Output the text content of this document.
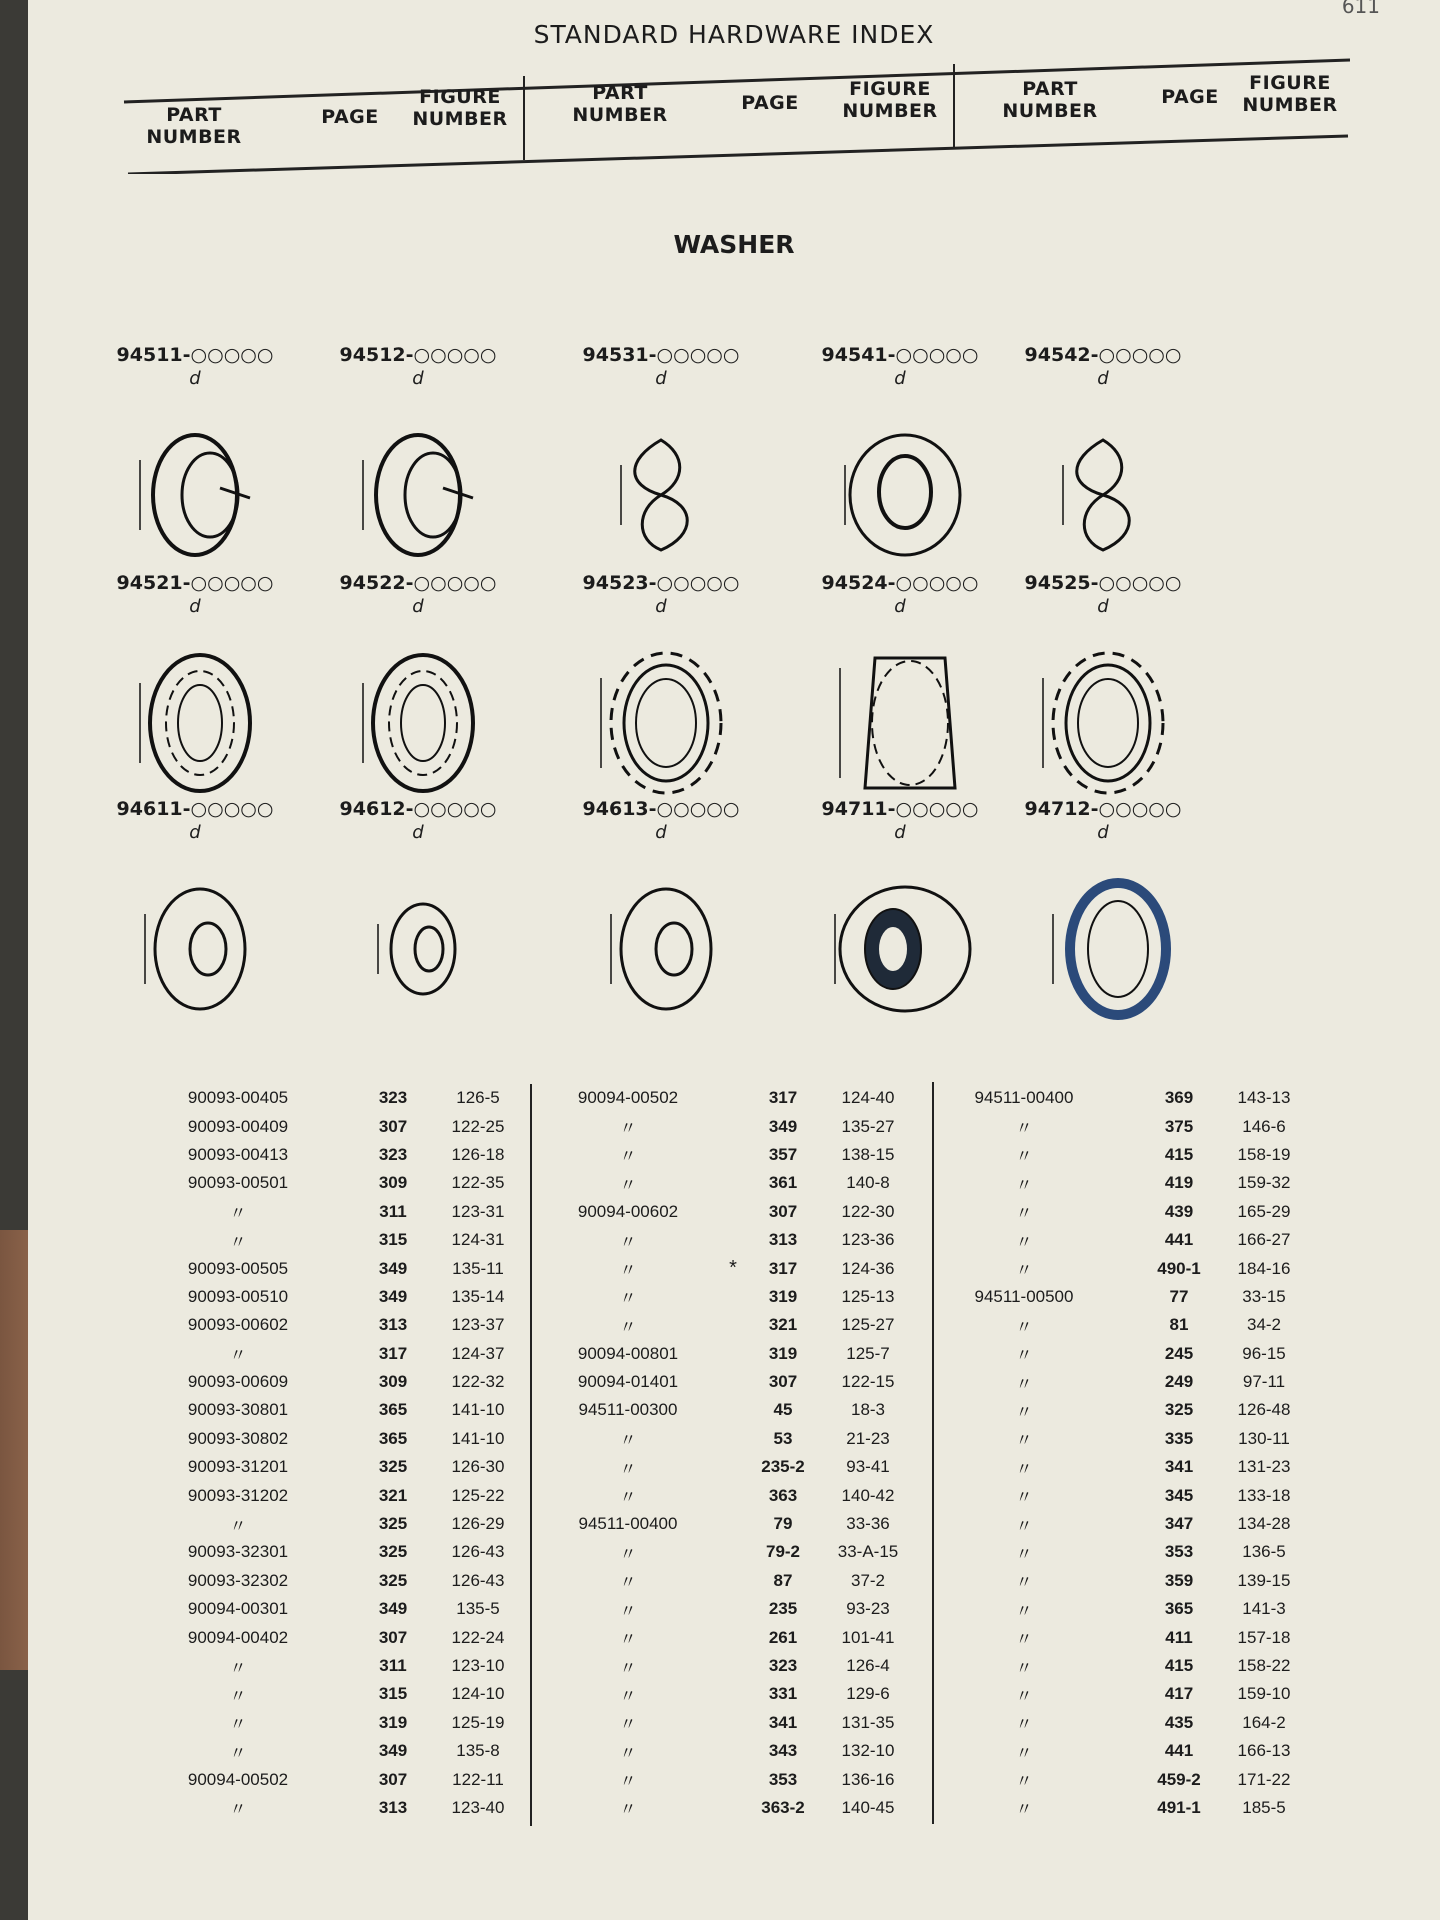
611
STANDARD HARDWARE INDEX
PART NUMBER
PAGE
FIGURE NUMBER
PART NUMBER
PAGE
FIGURE NUMBER
PART NUMBER
PAGE
FIGURE NUMBER
WASHER
94511-○○○○○
d
94512-○○○○○
d
94531-○○○○○
d
94541-○○○○○
d
94542-○○○○○
d
94521-○○○○○
d
94522-○○○○○
d
94523-○○○○○
d
94524-○○○○○
d
94525-○○○○○
d
94611-○○○○○
d
94612-○○○○○
d
94613-○○○○○
d
94711-○○○○○
d
94712-○○○○○
d
90093-00405	323	126-5
90093-00409	307	122-25
90093-00413	323	126-18
90093-00501	309	122-35
〃	311	123-31
〃	315	124-31
90093-00505	349	135-11
90093-00510	349	135-14
90093-00602	313	123-37
〃	317	124-37
90093-00609	309	122-32
90093-30801	365	141-10
90093-30802	365	141-10
90093-31201	325	126-30
90093-31202	321	125-22
〃	325	126-29
90093-32301	325	126-43
90093-32302	325	126-43
90094-00301	349	135-5
90094-00402	307	122-24
〃	311	123-10
〃	315	124-10
〃	319	125-19
〃	349	135-8
90094-00502	307	122-11
〃	313	123-40
90094-00502	317	124-40
〃	349	135-27
〃	357	138-15
〃	361	140-8
90094-00602	307	122-30
〃	313	123-36
〃	*	317	124-36
〃	319	125-13
〃	321	125-27
90094-00801	319	125-7
90094-01401	307	122-15
94511-00300	45	18-3
〃	53	21-23
〃	235-2	93-41
〃	363	140-42
94511-00400	79	33-36
〃	79-2	33-A-15
〃	87	37-2
〃	235	93-23
〃	261	101-41
〃	323	126-4
〃	331	129-6
〃	341	131-35
〃	343	132-10
〃	353	136-16
〃	363-2	140-45
94511-00400	369	143-13
〃	375	146-6
〃	415	158-19
〃	419	159-32
〃	439	165-29
〃	441	166-27
〃	490-1	184-16
94511-00500	77	33-15
〃	81	34-2
〃	245	96-15
〃	249	97-11
〃	325	126-48
〃	335	130-11
〃	341	131-23
〃	345	133-18
〃	347	134-28
〃	353	136-5
〃	359	139-15
〃	365	141-3
〃	411	157-18
〃	415	158-22
〃	417	159-10
〃	435	164-2
〃	441	166-13
〃	459-2	171-22
〃	491-1	185-5
